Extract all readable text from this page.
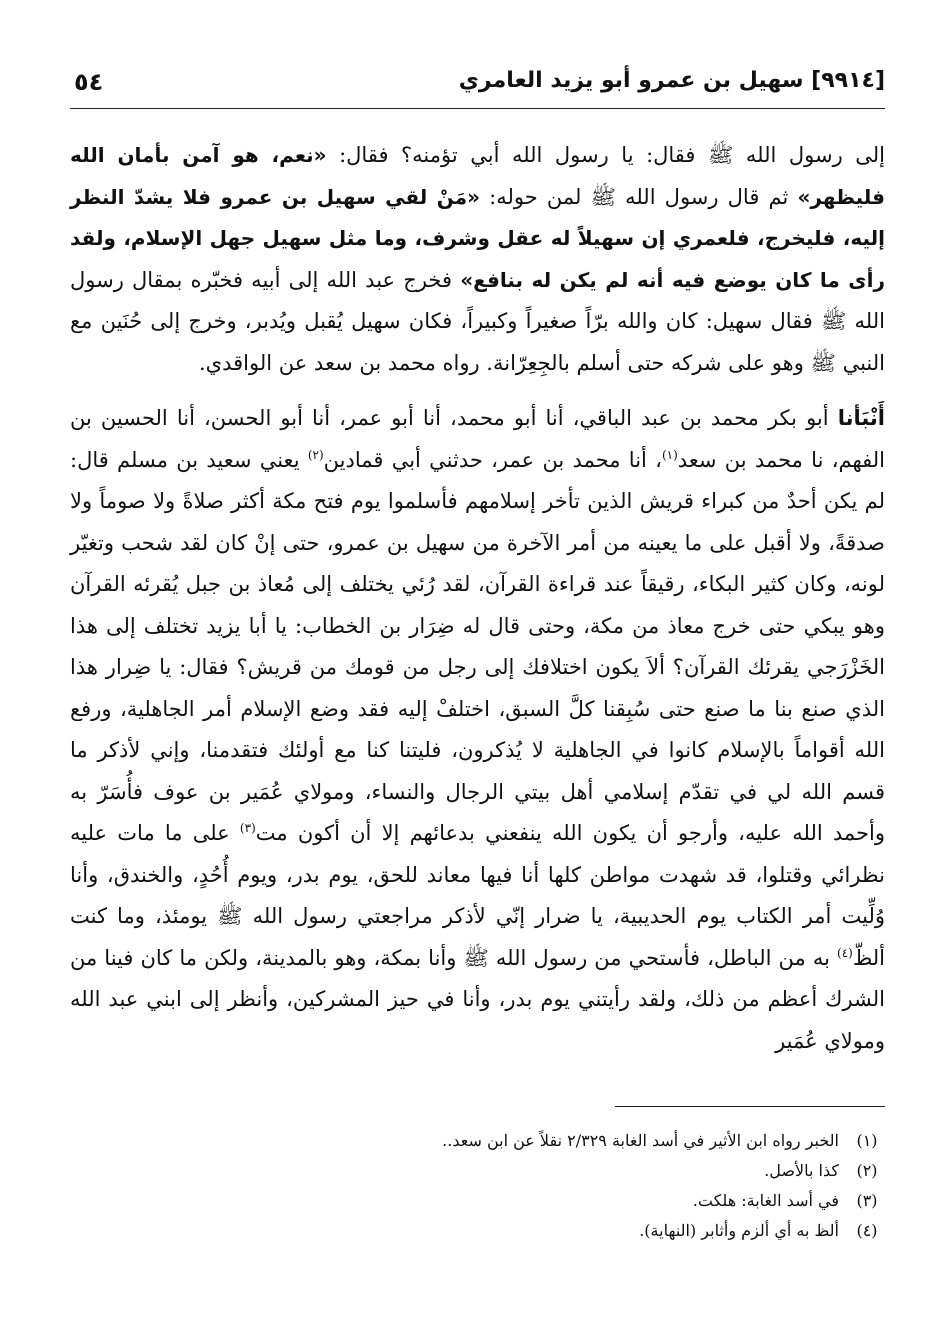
[٩٩١٤] سهيل بن عمرو أبو يزيد العامري
٥٤

إلى رسول الله ﷺ فقال: يا رسول الله أبي تؤمنه؟ فقال: «نعم، هو آمن بأمان الله فليظهر» ثم قال رسول الله ﷺ لمن حوله: «مَنْ لقي سهيل بن عمرو فلا يشدّ النظر إليه، فليخرج، فلعمري إن سهيلاً له عقل وشرف، وما مثل سهيل جهل الإسلام، ولقد رأى ما كان يوضع فيه أنه لم يكن له بنافع» فخرج عبد الله إلى أبيه فخبّره بمقال رسول الله ﷺ فقال سهيل: كان والله برّاً صغيراً وكبيراً، فكان سهيل يُقبل ويُدبر، وخرج إلى حُنَين مع النبي ﷺ وهو على شركه حتى أسلم بالجِعِرّانة. رواه محمد بن سعد عن الواقدي.

أَنْبَأنا أبو بكر محمد بن عبد الباقي، أنا أبو محمد، أنا أبو عمر، أنا أبو الحسن، أنا الحسين بن الفهم، نا محمد بن سعد$^{(١)}$، أنا محمد بن عمر، حدثني أبي قمادين$^{(٢)}$ يعني سعيد بن مسلم قال: لم يكن أحدٌ من كبراء قريش الذين تأخر إسلامهم فأسلموا يوم فتح مكة أكثر صلاةً ولا صوماً ولا صدقةً، ولا أقبل على ما يعينه من أمر الآخرة من سهيل بن عمرو، حتى إنْ كان لقد شحب وتغيّر لونه، وكان كثير البكاء، رقيقاً عند قراءة القرآن، لقد رُئي يختلف إلى مُعاذ بن جبل يُقرئه القرآن وهو يبكي حتى خرج معاذ من مكة، وحتى قال له ضِرَار بن الخطاب: يا أبا يزيد تختلف إلى هذا الخَزْرَجي يقرئك القرآن؟ ألاَ يكون اختلافك إلى رجل من قومك من قريش؟ فقال: يا ضِرار هذا الذي صنع بنا ما صنع حتى سُبِقنا كلَّ السبق، اختلفْ إليه فقد وضع الإسلام أمر الجاهلية، ورفع الله أقواماً بالإسلام كانوا في الجاهلية لا يُذكرون، فليتنا كنا مع أولئك فتقدمنا، وإني لأذكر ما قسم الله لي في تقدّم إسلامي أهل بيتي الرجال والنساء، ومولاي عُمَير بن عوف فأُسَرّ به وأحمد الله عليه، وأرجو أن يكون الله ينفعني بدعائهم إلا أن أكون مت$^{(٣)}$ على ما مات عليه نظرائي وقتلوا، قد شهدت مواطن كلها أنا فيها معاند للحق، يوم بدر، ويوم أُحُدٍ، والخندق، وأنا وُلِّيت أمر الكتاب يوم الحديبية، يا ضرار إنّي لأذكر مراجعتي رسول الله ﷺ يومئذ، وما كنت ألظّ$^{(٤)}$ به من الباطل، فأستحي من رسول الله ﷺ وأنا بمكة، وهو بالمدينة، ولكن ما كان فينا من الشرك أعظم من ذلك، ولقد رأيتني يوم بدر، وأنا في حيز المشركين، وأنظر إلى ابني عبد الله ومولاي عُمَير

(١)
الخبر رواه ابن الأثير في أسد الغابة ٢/٣٢٩ نقلاً عن ابن سعد..
(٢)
كذا بالأصل.
(٣)
في أسد الغابة: هلكت.
(٤)
ألظ به أي ألزم وأثابر (النهاية).
